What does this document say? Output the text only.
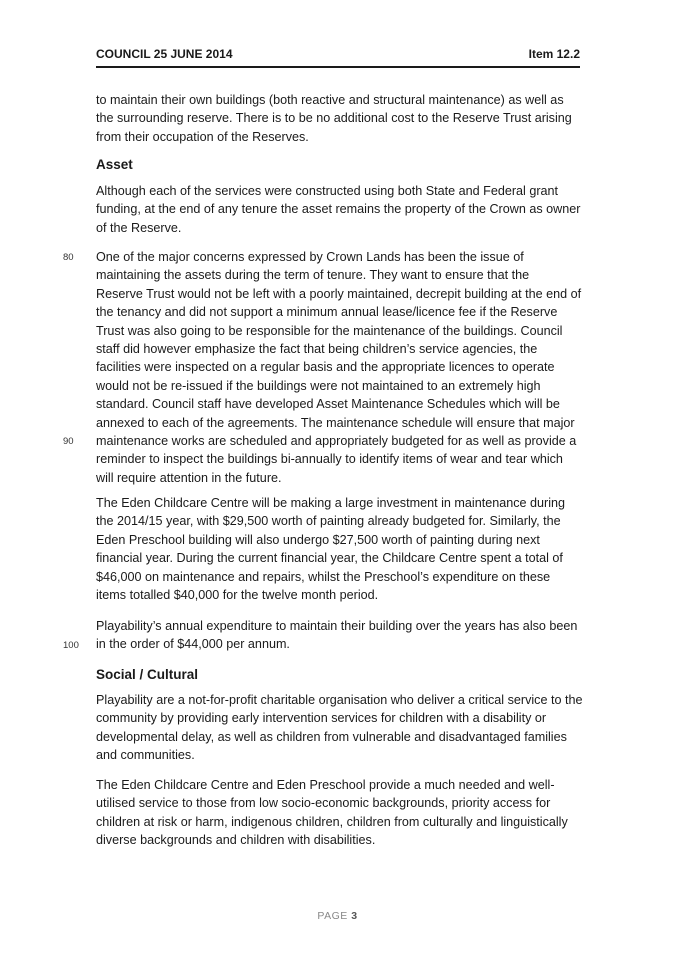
COUNCIL 25 JUNE 2014	Item 12.2
to maintain their own buildings (both reactive and structural maintenance) as well as
the surrounding reserve. There is to be no additional cost to the Reserve Trust arising
from their occupation of the Reserves.
Asset
Although each of the services were constructed using both State and Federal grant
funding, at the end of any tenure the asset remains the property of the Crown as owner
of the Reserve.
80 One of the major concerns expressed by Crown Lands has been the issue of
maintaining the assets during the term of tenure. They want to ensure that the
Reserve Trust would not be left with a poorly maintained, decrepit building at the end of
the tenancy and did not support a minimum annual lease/licence fee if the Reserve
Trust was also going to be responsible for the maintenance of the buildings. Council
staff did however emphasize the fact that being children’s service agencies, the
facilities were inspected on a regular basis and the appropriate licences to operate
would not be re-issued if the buildings were not maintained to an extremely high
standard. Council staff have developed Asset Maintenance Schedules which will be
annexed to each of the agreements. The maintenance schedule will ensure that major
maintenance works are scheduled and appropriately budgeted for as well as provide a
reminder to inspect the buildings bi-annually to identify items of wear and tear which
will require attention in the future.
90
The Eden Childcare Centre will be making a large investment in maintenance during
the 2014/15 year, with $29,500 worth of painting already budgeted for. Similarly, the
Eden Preschool building will also undergo $27,500 worth of painting during next
financial year. During the current financial year, the Childcare Centre spent a total of
$46,000 on maintenance and repairs, whilst the Preschool’s expenditure on these
items totalled $40,000 for the twelve month period.
Playability’s annual expenditure to maintain their building over the years has also been
in the order of $44,000 per annum.
100
Social / Cultural
Playability are a not-for-profit charitable organisation who deliver a critical service to the
community by providing early intervention services for children with a disability or
developmental delay, as well as children from vulnerable and disadvantaged families
and communities.
The Eden Childcare Centre and Eden Preschool provide a much needed and well-
utilised service to those from low socio-economic backgrounds, priority access for
children at risk or harm, indigenous children, children from culturally and linguistically
diverse backgrounds and children with disabilities.
PAGE 3
